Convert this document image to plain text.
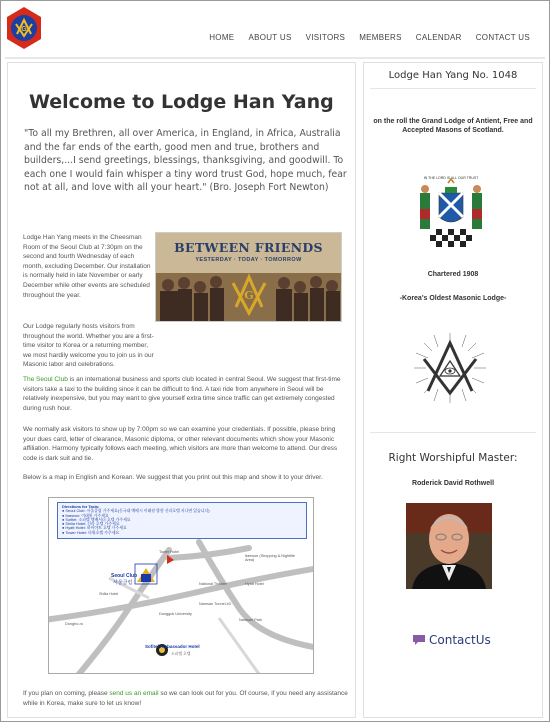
G
HOME ABOUT US VISITORS MEMBERS CALENDAR CONTACT US
Welcome to Lodge Han Yang

"To all my Brethren, all over America, in England, in Africa, Australia and the far ends of the earth, good men and true, brothers and builders,...I send greetings, blessings, thanksgiving, and goodwill. To each one I would fain whisper a tiny word trust God, hope much, fear not at all, and love with all your heart." (Bro. Joseph Fort Newton)

Lodge Han Yang meets in the Cheesman Room of the Seoul Club at 7:30pm on the second and fourth Wednesday of each month, excluding December. Our installation is normally held in late November or early December while other events are scheduled throughout the year.	G
BETWEEN FRIENDS
YESTERDAY · TODAY · TOMORROW

Our Lodge regularly hosts visitors from throughout the world. Whether you are a first-time visitor to Korea or a returning member, we most hardily welcome you to join us in our Masonic labor and celebrations.

The Seoul Club is an international business and sports club located in central Seoul. We suggest that first-time visitors take a taxi to the building since it can be difficult to find. A taxi ride from anywhere in Seoul will be relatively inexpensive, but you may want to give yourself extra time since traffic can get extremely congested during rush hour.

We normally ask visitors to show up by 7:00pm so we can examine your credentials. If possible, please bring your dues card, letter of clearance, Masonic diploma, or other relevant documents which show your Masonic affiliation. Harmony typically follows each meeting, which visitors are more than welcome to attend. Our dress code is dark suit and tie.

Below is a map in English and Korean. We suggest that you print out this map and show it to your driver.

Directions for Taxis:
● Seoul Club: 서울클럽 가주세요(동국대 맥베시 이태원 방향 신라호텔 지나면 있습니다)
● Itaewon: 이태원 가주세요
● Sofitel: 소피텔 앰배서더 호텔 가주세요
● Shilla Hotel: 신라 호텔 가주세요
● Hyatt Hotel: 하이야트 호텔 가주세요
● Tower Hotel: 타워호텔 가주세요
Seoul Club
서울클럽
Tower Hotel
Itaewon (Shopping & Nightlife Area)
Shilla Hotel
National Theater	Hyatt Hotel
Dongguk University
Namsan Tunnel #3
Dongho-ro
Namsan Park
Sofitel Ambassador Hotel
소피텔 호텔

If you plan on coming, please send us an email so we can look out for you. Of course, if you need any assistance while in Korea, make sure to let us know!

Lodge Han Yang No. 1048
on the roll the Grand Lodge of Antient, Free and Accepted Masons of Scotland.
IN THE LORD IS ALL OUR TRUST
Chartered 1908
-Korea's Oldest Masonic Lodge-
Right Worshipful Master:
Roderick David Rothwell
ContactUs
